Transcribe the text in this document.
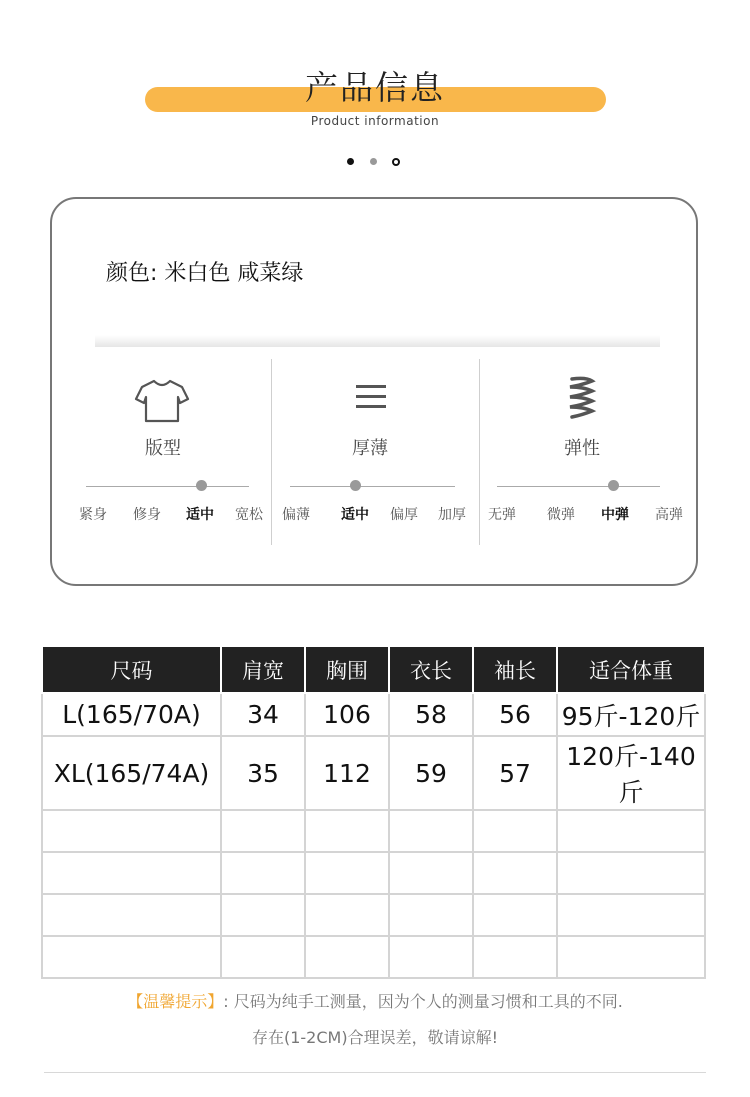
产品信息
Product information
颜色: 米白色 咸菜绿
版型
紧身	修身	适中	宽松
厚薄
偏薄	适中	偏厚	加厚
弹性
无弹	微弹	中弹	高弹
尺码	肩宽	胸围	衣长	袖长	适合体重
L(165/70A)	34	106	58	56	95斤-120斤
XL(165/74A)	35	112	59	57	120斤-140斤

【温馨提示】: 尺码为纯手工测量，因为个人的测量习惯和工具的不同.
存在(1-2CM)合理误差，敬请谅解!
